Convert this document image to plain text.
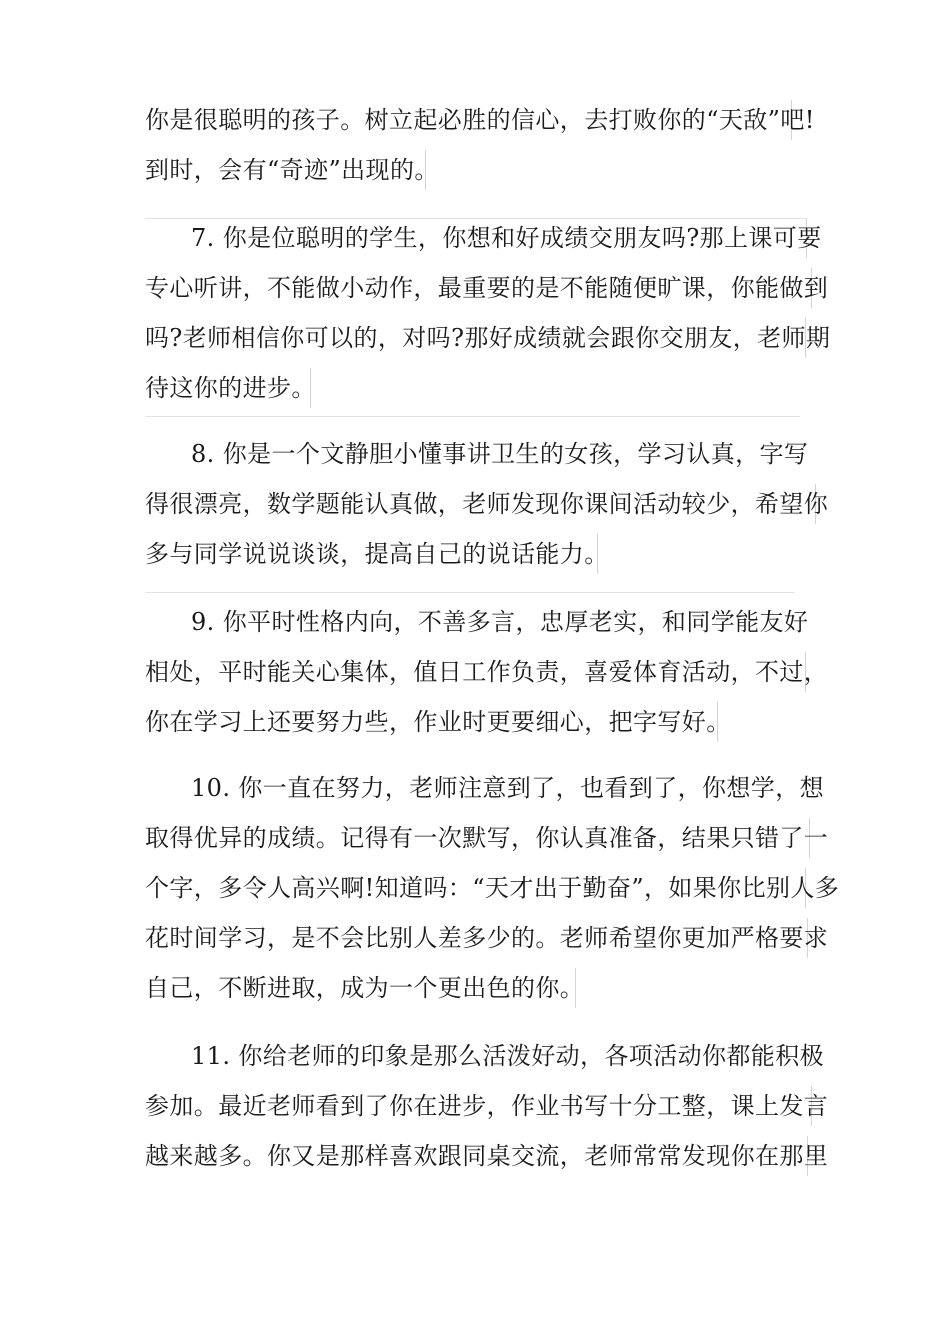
你是很聪明的孩子。树立起必胜的信心，去打败你的“天敌”吧!
到时，会有“奇迹”出现的。
7. 你是位聪明的学生，你想和好成绩交朋友吗?那上课可要
专心听讲，不能做小动作，最重要的是不能随便旷课，你能做到
吗?老师相信你可以的，对吗?那好成绩就会跟你交朋友，老师期
待这你的进步。
8. 你是一个文静胆小懂事讲卫生的女孩，学习认真，字写
得很漂亮，数学题能认真做，老师发现你课间活动较少，希望你
多与同学说说谈谈，提高自己的说话能力。
9. 你平时性格内向，不善多言，忠厚老实，和同学能友好
相处，平时能关心集体，值日工作负责，喜爱体育活动，不过，
你在学习上还要努力些，作业时更要细心，把字写好。
10. 你一直在努力，老师注意到了，也看到了，你想学，想
取得优异的成绩。记得有一次默写，你认真准备，结果只错了一
个字，多令人高兴啊!知道吗：“天才出于勤奋”，如果你比别人多
花时间学习，是不会比别人差多少的。老师希望你更加严格要求
自己，不断进取，成为一个更出色的你。
11. 你给老师的印象是那么活泼好动，各项活动你都能积极
参加。最近老师看到了你在进步，作业书写十分工整，课上发言
越来越多。你又是那样喜欢跟同桌交流，老师常常发现你在那里
